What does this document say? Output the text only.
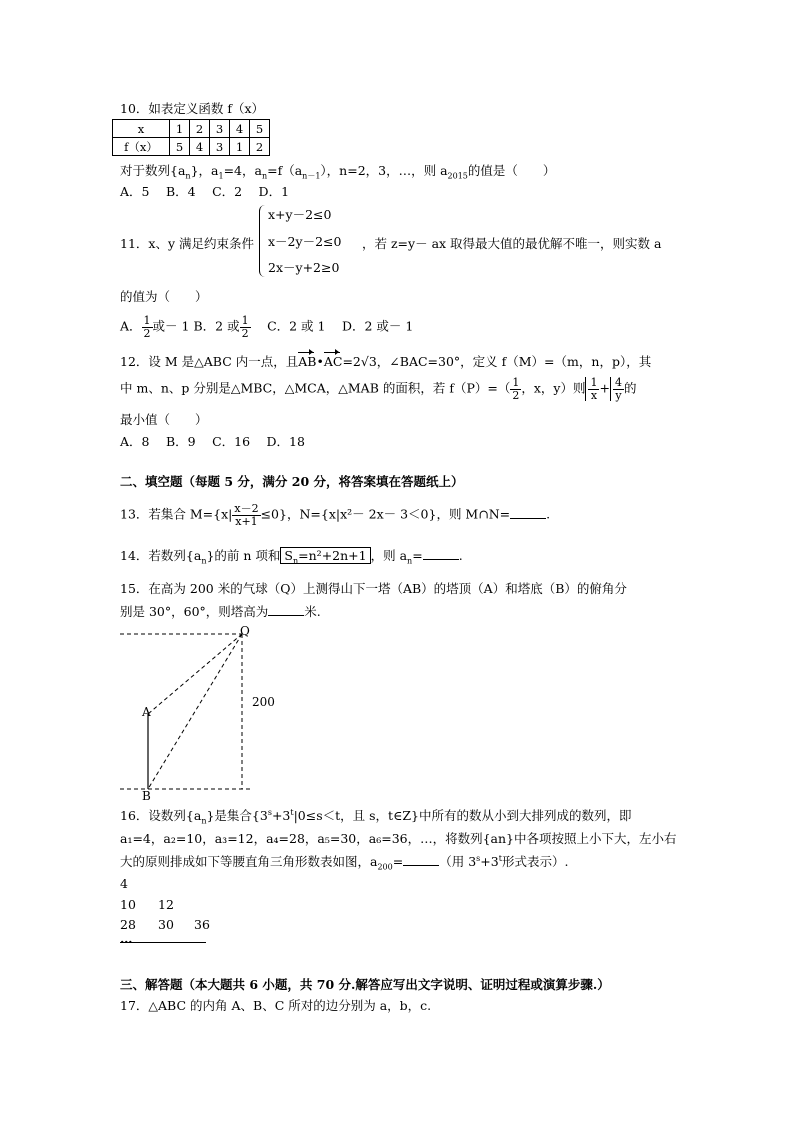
10．如表定义函数 f（x）
x	1	2	3	4	5
f（x）	5	4	3	1	2
对于数列$\{a_n\}$，$a_1=4$，$a_n=f(a_{n-1})$，n=2，3，…，则 $a_{2015}$的值是（　　）
A．5　 B．4　 C．2　 D．1
11．x、y 满足约束条件
x+y－2≤0
x－2y－2≤0
2x－y+2≥0
，若 z=y－ ax 取得最大值的最优解不唯一，则实数 a
的值为（　　）
A． $\frac{1}{2}$ 或－ 1 B．2 或 $\frac{1}{2}$
　 C．2 或 1　 D．2 或－ 1
12．设 M 是△ABC 内一点，且AB•AC=2√3，∠BAC=30°，定义 f（M）=（m，n，p），其
中 m、n、p 分别是△MBC，△MCA，△MAB 的面积，若 $f(P)=( \frac{1}{2}$ ，x，y）则 $\frac{1}{x} + \frac{4}{y}$ 的
最小值（　　）
A．8　 B．9　 C．16　 D．18
二、填空题（每题 5 分，满分 20 分，将答案填在答题纸上）
13．若集合 $M=\{x| \frac{x-2}{x+1} \le 0\}$，N={x|x²－ 2x－ 3＜0}，则 M∩N=	.
14．若数列$\{a_n\}$的前 n 项和 $S_n=n^2+2n+1$ ，则 $a_n=$	.
15．在高为 200 米的气球（Q）上测得山下一塔（AB）的塔顶（A）和塔底（B）的俯角分
别是 30°，60°，则塔高为	米.
Q
A
B
200
16．设数列$\{a_n\}$是集合{$3^s+3^t|0\le s<t$，且 s，t∈Z}中所有的数从小到大排列成的数列，即
a₁=4，a₂=10，a₃=12，a₄=28，a₅=30，a₆=36，…，将数列{an}中各项按照上小下大，左小右
大的原则排成如下等腰直角三角形数表如图，$a_{200}=$	（用 $3^s+3^t$形式表示）.
4
10 12
28 30 36
…
三、解答题（本大题共 6 小题，共 70 分.解答应写出文字说明、证明过程或演算步骤.）
17．△ABC 的内角 A、B、C 所对的边分别为 a，b，c.
